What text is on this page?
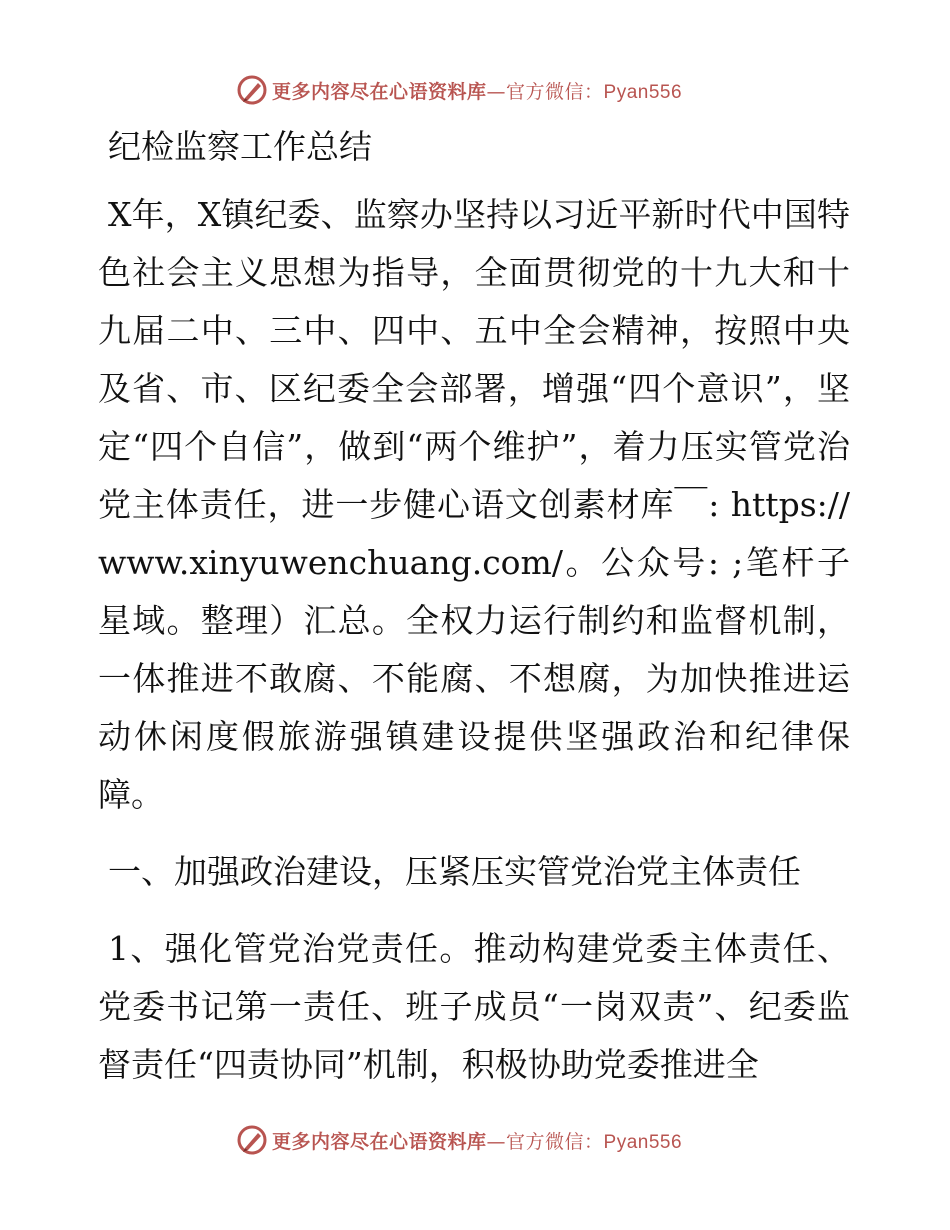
更多内容尽在心语资料库—官方微信：Pyan556
纪检监察工作总结

X年，X镇纪委、监察办坚持以习近平新时代中国特色社会主义思想为指导，全面贯彻党的十九大和十九届二中、三中、四中、五中全会精神，按照中央及省、市、区纪委全会部署，增强“四个意识”，坚定“四个自信”，做到“两个维护”，着力压实管党治党主体责任，进一步健心语文创素材库￣: https://www.xinyuwenchuang.com/。公众号: ;笔杆子星域。整理）汇总。全权力运行制约和监督机制，一体推进不敢腐、不能腐、不想腐，为加快推进运动休闲度假旅游强镇建设提供坚强政治和纪律保障。

一、加强政治建设，压紧压实管党治党主体责任

1、强化管党治党责任。推动构建党委主体责任、党委书记第一责任、班子成员“一岗双责”、纪委监督责任“四责协同”机制，积极协助党委推进全

更多内容尽在心语资料库—官方微信：Pyan556
